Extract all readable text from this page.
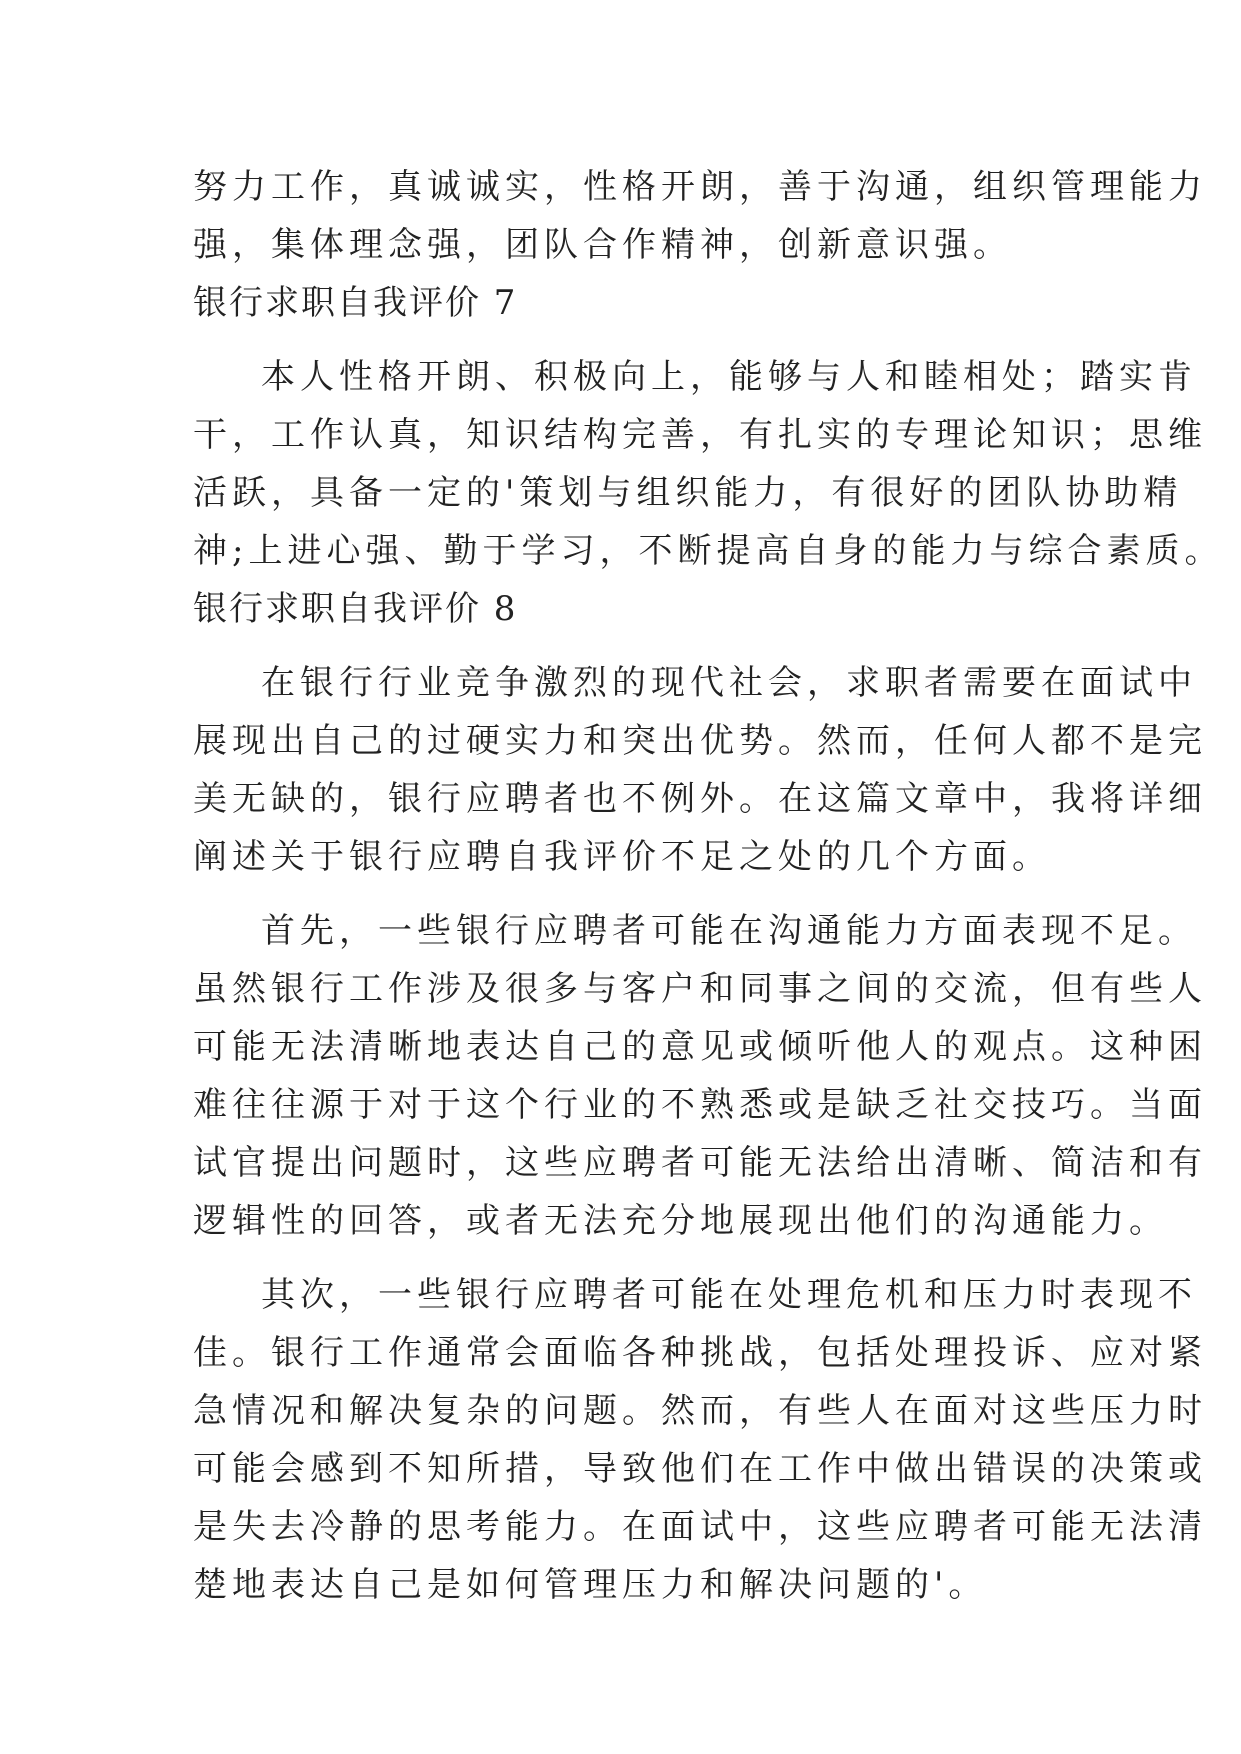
努力工作，真诚诚实，性格开朗，善于沟通，组织管理能力
强，集体理念强，团队合作精神，创新意识强。
银行求职自我评价 7
本人性格开朗、积极向上，能够与人和睦相处；踏实肯
干，工作认真，知识结构完善，有扎实的专理论知识；思维
活跃，具备一定的'策划与组织能力，有很好的团队协助精
神;上进心强、勤于学习，不断提高自身的能力与综合素质。
银行求职自我评价 8
在银行行业竞争激烈的现代社会，求职者需要在面试中
展现出自己的过硬实力和突出优势。然而，任何人都不是完
美无缺的，银行应聘者也不例外。在这篇文章中，我将详细
阐述关于银行应聘自我评价不足之处的几个方面。
首先，一些银行应聘者可能在沟通能力方面表现不足。
虽然银行工作涉及很多与客户和同事之间的交流，但有些人
可能无法清晰地表达自己的意见或倾听他人的观点。这种困
难往往源于对于这个行业的不熟悉或是缺乏社交技巧。当面
试官提出问题时，这些应聘者可能无法给出清晰、简洁和有
逻辑性的回答，或者无法充分地展现出他们的沟通能力。
其次，一些银行应聘者可能在处理危机和压力时表现不
佳。银行工作通常会面临各种挑战，包括处理投诉、应对紧
急情况和解决复杂的问题。然而，有些人在面对这些压力时
可能会感到不知所措，导致他们在工作中做出错误的决策或
是失去冷静的思考能力。在面试中，这些应聘者可能无法清
楚地表达自己是如何管理压力和解决问题的'。
